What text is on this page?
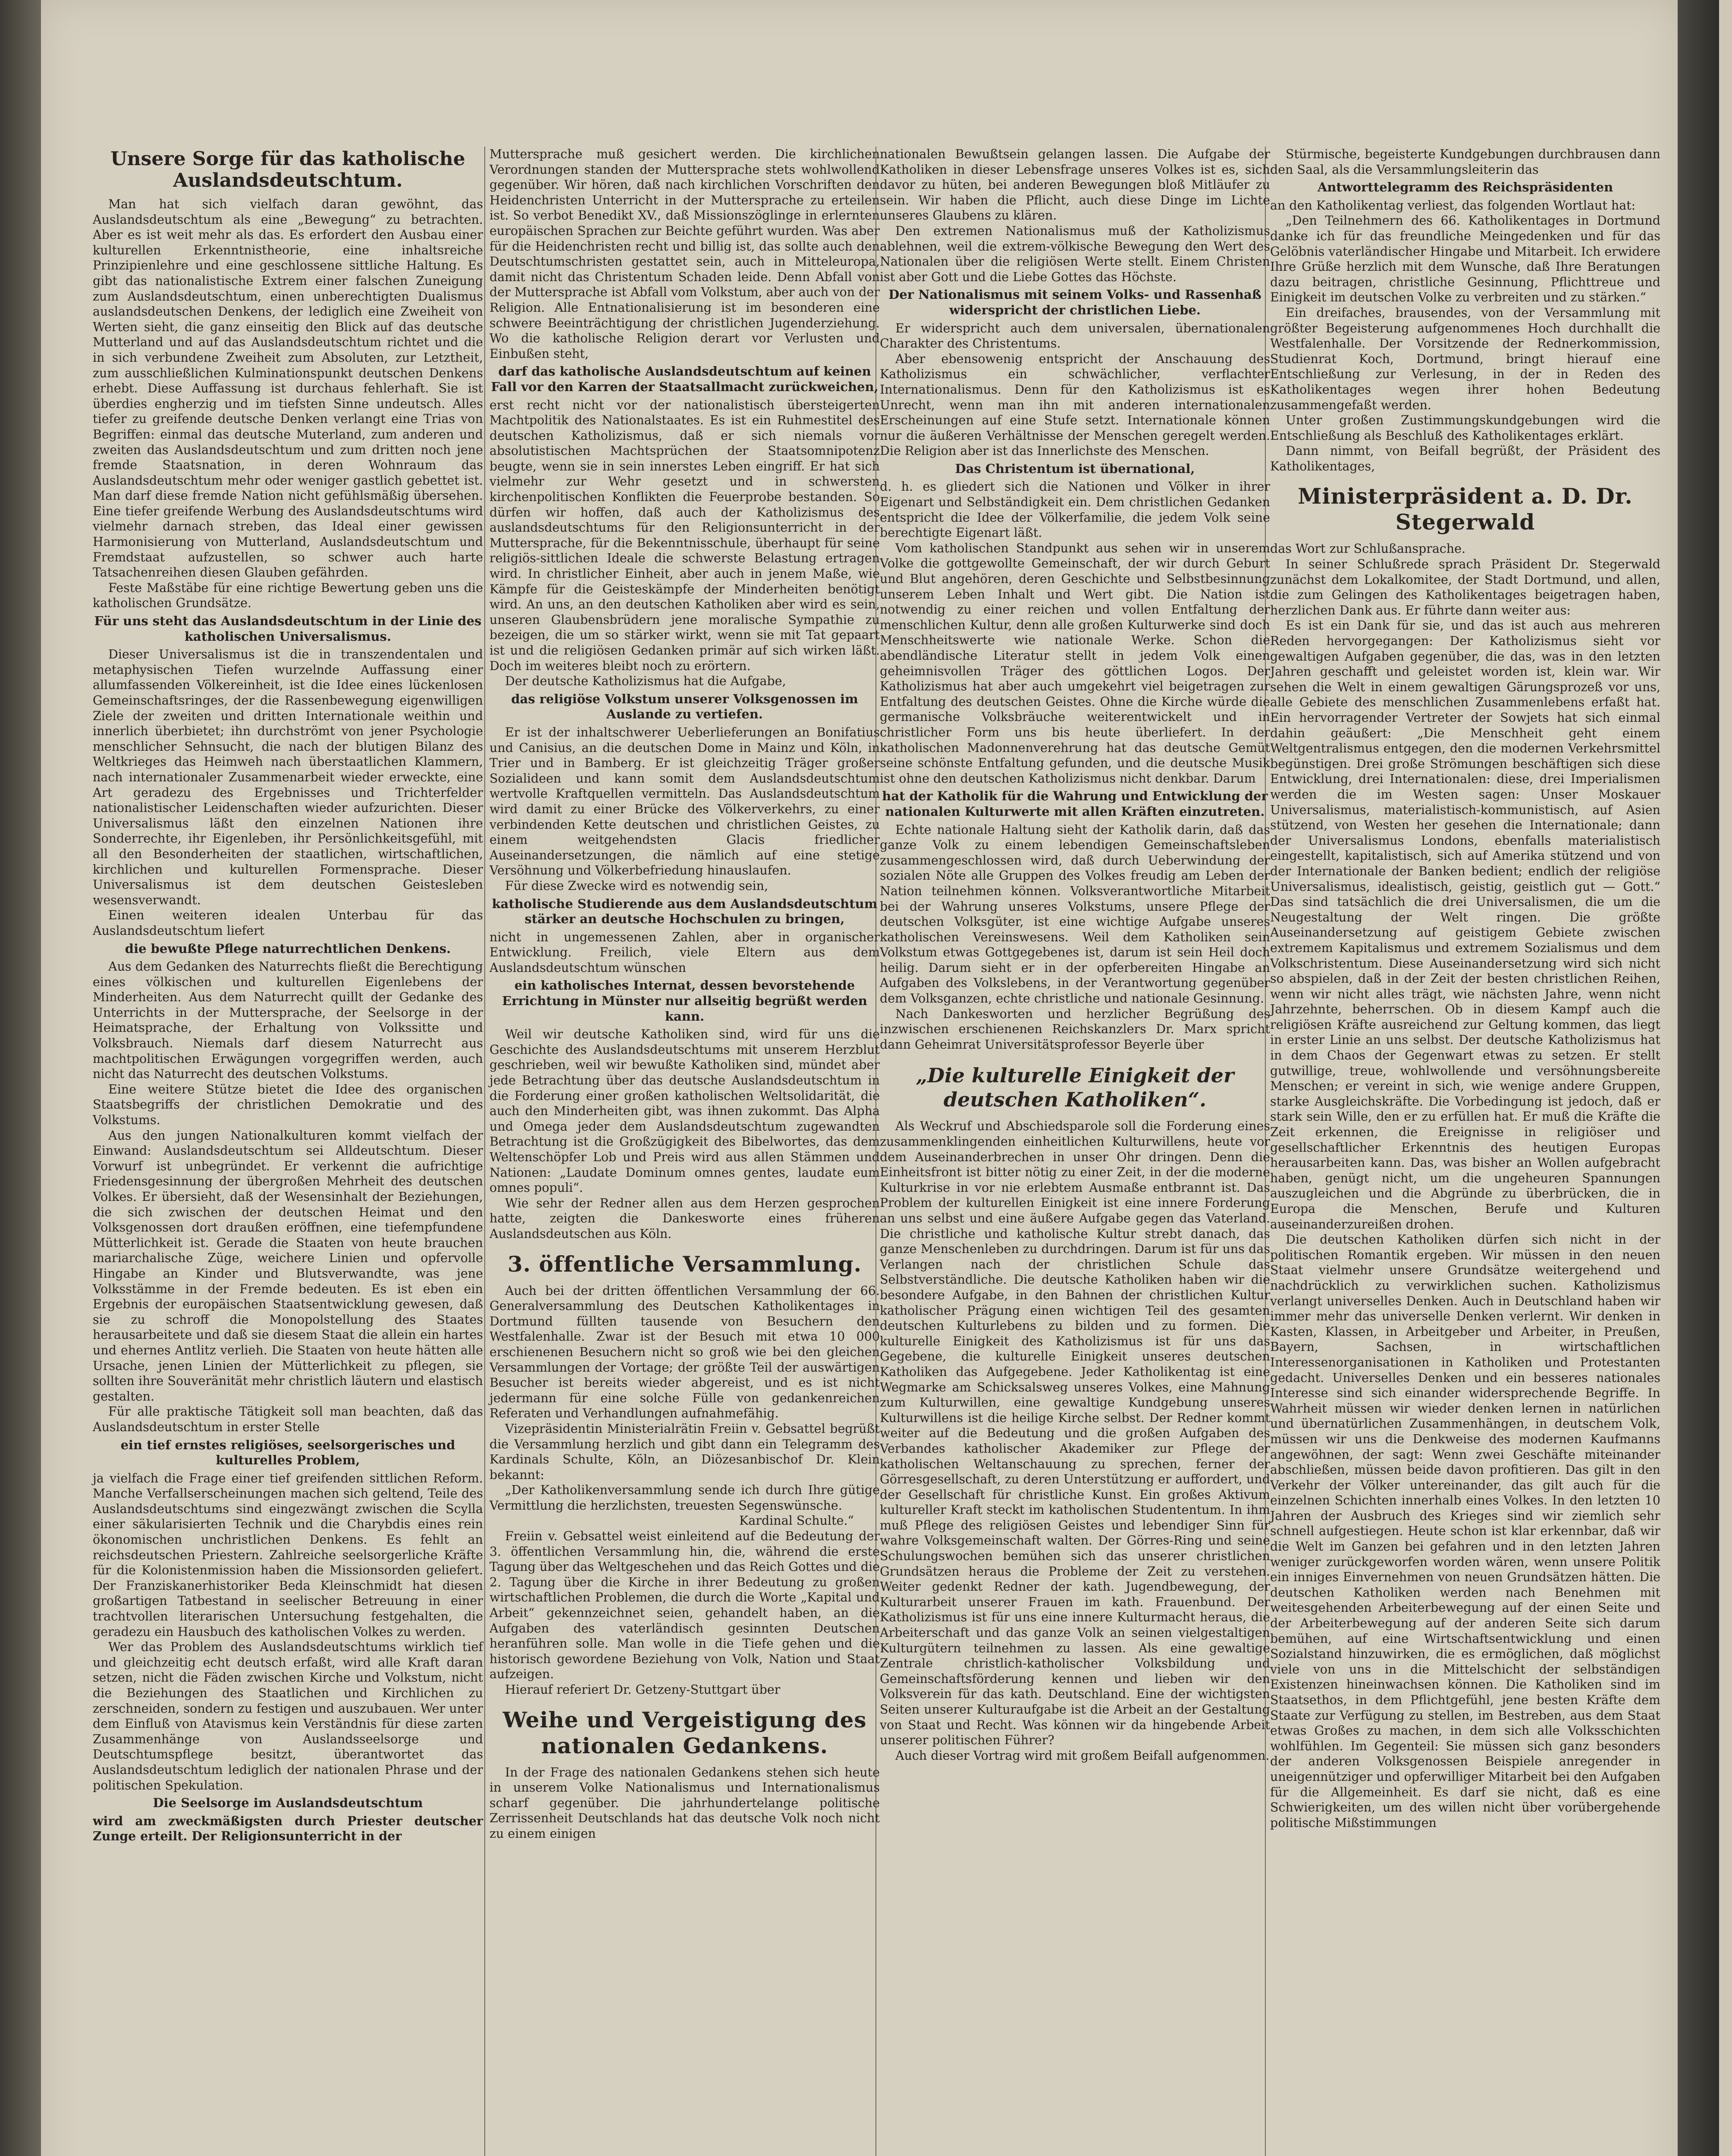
Unsere Sorge für das katholische Auslandsdeutschtum.

Man hat sich vielfach daran gewöhnt, das Auslandsdeutschtum als eine „Bewegung“ zu betrachten. Aber es ist weit mehr als das. Es erfordert den Ausbau einer kulturellen Erkenntnistheorie, eine inhaltsreiche Prinzipienlehre und eine geschlossene sittliche Haltung. Es gibt das nationalistische Extrem einer falschen Zuneigung zum Auslandsdeutschtum, einen unberechtigten Dualismus auslandsdeutschen Denkens, der lediglich eine Zweiheit von Werten sieht, die ganz einseitig den Blick auf das deutsche Mutterland und auf das Auslandsdeutschtum richtet und die in sich verbundene Zweiheit zum Absoluten, zur Letztheit, zum ausschließlichen Kulminationspunkt deutschen Denkens erhebt. Diese Auffassung ist durchaus fehlerhaft. Sie ist überdies engherzig und im tiefsten Sinne undeutsch. Alles tiefer zu greifende deutsche Denken verlangt eine Trias von Begriffen: einmal das deutsche Muterland, zum anderen und zweiten das Auslandsdeutschtum und zum dritten noch jene fremde Staatsnation, in deren Wohnraum das Auslandsdeutschtum mehr oder weniger gastlich gebettet ist. Man darf diese fremde Nation nicht gefühlsmäßig übersehen. Eine tiefer greifende Werbung des Auslandsdeutschtums wird vielmehr darnach streben, das Ideal einer gewissen Harmonisierung von Mutterland, Auslandsdeutschtum und Fremdstaat aufzustellen, so schwer auch harte Tatsachenreihen diesen Glauben gefährden.

Feste Maßstäbe für eine richtige Bewertung geben uns die katholischen Grundsätze.

Für uns steht das Auslandsdeutschtum in der Linie des katholischen Universalismus.

Dieser Universalismus ist die in transzendentalen und metaphysischen Tiefen wurzelnde Auffassung einer allumfassenden Völkereinheit, ist die Idee eines lückenlosen Gemeinschaftsringes, der die Rassenbewegung eigenwilligen Ziele der zweiten und dritten Internationale weithin und innerlich überbietet; ihn durchströmt von jener Psychologie menschlicher Sehnsucht, die nach der blutigen Bilanz des Weltkrieges das Heimweh nach überstaatlichen Klammern, nach internationaler Zusammenarbeit wieder erweckte, eine Art geradezu des Ergebnisses und Trichterfelder nationalistischer Leidenschaften wieder aufzurichten. Dieser Universalismus läßt den einzelnen Nationen ihre Sonderrechte, ihr Eigenleben, ihr Persönlichkeitsgefühl, mit all den Besonderheiten der staatlichen, wirtschaftlichen, kirchlichen und kulturellen Formensprache. Dieser Universalismus ist dem deutschen Geistesleben wesensverwandt.

Einen weiteren idealen Unterbau für das Auslandsdeutschtum liefert

die bewußte Pflege naturrechtlichen Denkens.

Aus dem Gedanken des Naturrechts fließt die Berechtigung eines völkischen und kulturellen Eigenlebens der Minderheiten. Aus dem Naturrecht quillt der Gedanke des Unterrichts in der Muttersprache, der Seelsorge in der Heimatsprache, der Erhaltung von Volkssitte und Volksbrauch. Niemals darf diesem Naturrecht aus machtpolitischen Erwägungen vorgegriffen werden, auch nicht das Naturrecht des deutschen Volkstums.

Eine weitere Stütze bietet die Idee des organischen Staatsbegriffs der christlichen Demokratie und des Volkstums.

Aus den jungen Nationalkulturen kommt vielfach der Einwand: Auslandsdeutschtum sei Alldeutschtum. Dieser Vorwurf ist unbegründet. Er verkennt die aufrichtige Friedensgesinnung der übergroßen Mehrheit des deutschen Volkes. Er übersieht, daß der Wesensinhalt der Beziehungen, die sich zwischen der deutschen Heimat und den Volksgenossen dort draußen eröffnen, eine tiefempfundene Mütterlichkeit ist. Gerade die Staaten von heute brauchen mariarchalische Züge, weichere Linien und opfervolle Hingabe an Kinder und Blutsverwandte, was jene Volksstämme in der Fremde bedeuten. Es ist eben ein Ergebnis der europäischen Staatsentwicklung gewesen, daß sie zu schroff die Monopolstellung des Staates herausarbeitete und daß sie diesem Staat die allein ein hartes und ehernes Antlitz verlieh. Die Staaten von heute hätten alle Ursache, jenen Linien der Mütterlichkeit zu pflegen, sie sollten ihre Souveränität mehr christlich läutern und elastisch gestalten.

Für alle praktische Tätigkeit soll man beachten, daß das Auslandsdeutschtum in erster Stelle

ein tief ernstes religiöses, seelsorgerisches und kulturelles Problem,

ja vielfach die Frage einer tief greifenden sittlichen Reform. Manche Verfallserscheinungen machen sich geltend, Teile des Auslandsdeutschtums sind eingezwängt zwischen die Scylla einer säkularisierten Technik und die Charybdis eines rein ökonomischen unchristlichen Denkens. Es fehlt an reichsdeutschen Priestern. Zahlreiche seelsorgerliche Kräfte für die Kolonistenmission haben die Missionsorden geliefert. Der Franziskanerhistoriker Beda Kleinschmidt hat diesen großartigen Tatbestand in seelischer Betreuung in einer trachtvollen literarischen Untersuchung festgehalten, die geradezu ein Hausbuch des katholischen Volkes zu werden.

Wer das Problem des Auslandsdeutschtums wirklich tief und gleichzeitig echt deutsch erfaßt, wird alle Kraft daran setzen, nicht die Fäden zwischen Kirche und Volkstum, nicht die Beziehungen des Staatlichen und Kirchlichen zu zerschneiden, sondern zu festigen und auszubauen. Wer unter dem Einfluß von Atavismus kein Verständnis für diese zarten Zusammenhänge von Auslandsseelsorge und Deutschtumspflege besitzt, überantwortet das Auslandsdeutschtum lediglich der nationalen Phrase und der politischen Spekulation.

Die Seelsorge im Auslandsdeutschtum

wird am zweckmäßigsten durch Priester deutscher Zunge erteilt. Der Religionsunterricht in der

Muttersprache muß gesichert werden. Die kirchlichen Verordnungen standen der Muttersprache stets wohlwollend gegenüber. Wir hören, daß nach kirchlichen Vorschriften den Heidenchristen Unterricht in der Muttersprache zu erteilen ist. So verbot Benedikt XV., daß Missionszöglinge in erlernten europäischen Sprachen zur Beichte geführt wurden. Was aber für die Heidenchristen recht und billig ist, das sollte auch den Deutschtumschristen gestattet sein, auch in Mitteleuropa, damit nicht das Christentum Schaden leide. Denn Abfall von der Muttersprache ist Abfall vom Volkstum, aber auch von der Religion. Alle Entnationalisierung ist im besonderen eine schwere Beeinträchtigung der christlichen Jugenderziehung. Wo die katholische Religion derart vor Verlusten und Einbußen steht,

darf das katholische Auslandsdeutschtum auf keinen Fall vor den Karren der Staatsallmacht zurückweichen,

erst recht nicht vor der nationalistisch übersteigerten Machtpolitik des Nationalstaates. Es ist ein Ruhmestitel des deutschen Katholizismus, daß er sich niemals vor absolutistischen Machtsprüchen der Staatsomnipotenz beugte, wenn sie in sein innerstes Leben eingriff. Er hat sich vielmehr zur Wehr gesetzt und in schwersten kirchenpolitischen Konflikten die Feuerprobe bestanden. So dürfen wir hoffen, daß auch der Katholizismus des auslandsdeutschtums für den Religionsunterricht in der Muttersprache, für die Bekenntnisschule, überhaupt für seine religiös-sittlichen Ideale die schwerste Belastung ertragen wird. In christlicher Einheit, aber auch in jenem Maße, wie Kämpfe für die Geisteskämpfe der Minderheiten benötigt wird. An uns, an den deutschen Katholiken aber wird es sein, unseren Glaubensbrüdern jene moralische Sympathie zu bezeigen, die um so stärker wirkt, wenn sie mit Tat gepaart ist und die religiösen Gedanken primär auf sich wirken läßt. Doch im weiteres bleibt noch zu erörtern.

Der deutsche Katholizismus hat die Aufgabe,

das religiöse Volkstum unserer Volksgenossen im Auslande zu vertiefen.

Er ist der inhaltschwerer Ueberlieferungen an Bonifatius und Canisius, an die deutschen Dome in Mainz und Köln, in Trier und in Bamberg. Er ist gleichzeitig Träger großer Sozialideen und kann somit dem Auslandsdeutschtum wertvolle Kraftquellen vermitteln. Das Auslandsdeutschtum wird damit zu einer Brücke des Völkerverkehrs, zu einer verbindenden Kette deutschen und christlichen Geistes, zu einem weitgehendsten Glacis friedlicher Auseinandersetzungen, die nämlich auf eine stetige Versöhnung und Völkerbefriedung hinauslaufen.

Für diese Zwecke wird es notwendig sein,

katholische Studierende aus dem Auslandsdeutschtum stärker an deutsche Hochschulen zu bringen,

nicht in ungemessenen Zahlen, aber in organischer Entwicklung. Freilich, viele Eltern aus dem Auslandsdeutschtum wünschen

ein katholisches Internat, dessen bevorstehende Errichtung in Münster nur allseitig begrüßt werden kann.

Weil wir deutsche Katholiken sind, wird für uns die Geschichte des Auslandsdeutschtums mit unserem Herzblut geschrieben, weil wir bewußte Katholiken sind, mündet aber jede Betrachtung über das deutsche Auslandsdeutschtum in die Forderung einer großen katholischen Weltsolidarität, die auch den Minderheiten gibt, was ihnen zukommt. Das Alpha und Omega jeder dem Auslandsdeutschtum zugewandten Betrachtung ist die Großzügigkeit des Bibelwortes, das dem Weltenschöpfer Lob und Preis wird aus allen Stämmen und Nationen: „Laudate Dominum omnes gentes, laudate eum omnes populi“.

Wie sehr der Redner allen aus dem Herzen gesprochen hatte, zeigten die Dankesworte eines früheren Auslandsdeutschen aus Köln.

3. öffentliche Versammlung.

Auch bei der dritten öffentlichen Versammlung der 66. Generalversammlung des Deutschen Katholikentages in Dortmund füllten tausende von Besuchern den Westfalenhalle. Zwar ist der Besuch mit etwa 10 000 erschienenen Besuchern nicht so groß wie bei den gleichen Versammlungen der Vortage; der größte Teil der auswärtigen Besucher ist bereits wieder abgereist, und es ist nicht jedermann für eine solche Fülle von gedankenreichen Referaten und Verhandlungen aufnahmefähig.

Vizepräsidentin Ministerialrätin Freiin v. Gebsattel begrüßt die Versammlung herzlich und gibt dann ein Telegramm des Kardinals Schulte, Köln, an Diözesanbischof Dr. Klein bekannt:

„Der Katholikenversammlung sende ich durch Ihre gütige Vermittlung die herzlichsten, treuesten Segenswünsche.

Kardinal Schulte.“

Freiin v. Gebsattel weist einleitend auf die Bedeutung der 3. öffentlichen Versammlung hin, die, während die erste Tagung über das Weltgeschehen und das Reich Gottes und die 2. Tagung über die Kirche in ihrer Bedeutung zu großen wirtschaftlichen Problemen, die durch die Worte „Kapital und Arbeit“ gekennzeichnet seien, gehandelt haben, an die Aufgaben des vaterländisch gesinnten Deutschen heranführen solle. Man wolle in die Tiefe gehen und die historisch gewordene Beziehung von Volk, Nation und Staat aufzeigen.

Hierauf referiert Dr. Getzeny-Stuttgart über

Weihe und Vergeistigung des nationalen Gedankens.

In der Frage des nationalen Gedankens stehen sich heute in unserem Volke Nationalismus und Internationalismus scharf gegenüber. Die jahrhundertelange politische Zerrissenheit Deutschlands hat das deutsche Volk noch nicht zu einem einigen

nationalen Bewußtsein gelangen lassen. Die Aufgabe der Katholiken in dieser Lebensfrage unseres Volkes ist es, sich davor zu hüten, bei anderen Bewegungen bloß Mitläufer zu sein. Wir haben die Pflicht, auch diese Dinge im Lichte unseres Glaubens zu klären.

Den extremen Nationalismus muß der Katholizismus ablehnen, weil die extrem-völkische Bewegung den Wert des Nationalen über die religiösen Werte stellt. Einem Christen ist aber Gott und die Liebe Gottes das Höchste.

Der Nationalismus mit seinem Volks- und Rassenhaß widerspricht der christlichen Liebe.

Er widerspricht auch dem universalen, übernationalen Charakter des Christentums.

Aber ebensowenig entspricht der Anschauung des Katholizismus ein schwächlicher, verflachter Internationalismus. Denn für den Katholizismus ist es Unrecht, wenn man ihn mit anderen internationalen Erscheinungen auf eine Stufe setzt. Internationale können nur die äußeren Verhältnisse der Menschen geregelt werden. Die Religion aber ist das Innerlichste des Menschen.

Das Christentum ist übernational,

d. h. es gliedert sich die Nationen und Völker in ihrer Eigenart und Selbständigkeit ein. Dem christlichen Gedanken entspricht die Idee der Völkerfamilie, die jedem Volk seine berechtigte Eigenart läßt.

Vom katholischen Standpunkt aus sehen wir in unserem Volke die gottgewollte Gemeinschaft, der wir durch Geburt und Blut angehören, deren Geschichte und Selbstbesinnung unserem Leben Inhalt und Wert gibt. Die Nation ist notwendig zu einer reichen und vollen Entfaltung der menschlichen Kultur, denn alle großen Kulturwerke sind doch Menschheitswerte wie nationale Werke. Schon die abendländische Literatur stellt in jedem Volk einen geheimnisvollen Träger des göttlichen Logos. Der Katholizismus hat aber auch umgekehrt viel beigetragen zur Entfaltung des deutschen Geistes. Ohne die Kirche würde die germanische Volksbräuche weiterentwickelt und in christlicher Form uns bis heute überliefert. In der katholischen Madonnenverehrung hat das deutsche Gemüt seine schönste Entfaltung gefunden, und die deutsche Musik ist ohne den deutschen Katholizismus nicht denkbar. Darum

hat der Katholik für die Wahrung und Entwicklung der nationalen Kulturwerte mit allen Kräften einzutreten.

Echte nationale Haltung sieht der Katholik darin, daß das ganze Volk zu einem lebendigen Gemeinschaftsleben zusammengeschlossen wird, daß durch Ueberwindung der sozialen Nöte alle Gruppen des Volkes freudig am Leben der Nation teilnehmen können. Volksverantwortliche Mitarbeit bei der Wahrung unseres Volkstums, unsere Pflege der deutschen Volksgüter, ist eine wichtige Aufgabe unseres katholischen Vereinswesens. Weil dem Katholiken sein Volkstum etwas Gottgegebenes ist, darum ist sein Heil doch heilig. Darum sieht er in der opferbereiten Hingabe an Aufgaben des Volkslebens, in der Verantwortung gegenüber dem Volksganzen, echte christliche und nationale Gesinnung.

Nach Dankesworten und herzlicher Begrüßung des inzwischen erschienenen Reichskanzlers Dr. Marx spricht dann Geheimrat Universitätsprofessor Beyerle über

„Die kulturelle Einigkeit der deutschen Katholiken“.

Als Weckruf und Abschiedsparole soll die Forderung eines zusammenklingenden einheitlichen Kulturwillens, heute vor dem Auseinanderbrechen in unser Ohr dringen. Denn die Einheitsfront ist bitter nötig zu einer Zeit, in der die moderne Kulturkrise in vor nie erlebtem Ausmaße entbrannt ist. Das Problem der kulturellen Einigkeit ist eine innere Forderung an uns selbst und eine äußere Aufgabe gegen das Vaterland. Die christliche und katholische Kultur strebt danach, das ganze Menschenleben zu durchdringen. Darum ist für uns das Verlangen nach der christlichen Schule das Selbstverständliche. Die deutsche Katholiken haben wir die besondere Aufgabe, in den Bahnen der christlichen Kultur katholischer Prägung einen wichtigen Teil des gesamten deutschen Kulturlebens zu bilden und zu formen. Die kulturelle Einigkeit des Katholizismus ist für uns das Gegebene, die kulturelle Einigkeit unseres deutschen Katholiken das Aufgegebene. Jeder Katholikentag ist eine Wegmarke am Schicksalsweg unseres Volkes, eine Mahnung zum Kulturwillen, eine gewaltige Kundgebung unseres Kulturwillens ist die heilige Kirche selbst. Der Redner kommt weiter auf die Bedeutung und die großen Aufgaben des Verbandes katholischer Akademiker zur Pflege der katholischen Weltanschauung zu sprechen, ferner der Görresgesellschaft, zu deren Unterstützung er auffordert, und der Gesellschaft für christliche Kunst. Ein großes Aktivum kultureller Kraft steckt im katholischen Studententum. In ihm muß Pflege des religiösen Geistes und lebendiger Sinn für wahre Volksgemeinschaft walten. Der Görres-Ring und seine Schulungswochen bemühen sich das unserer christlichen Grundsätzen heraus die Probleme der Zeit zu verstehen. Weiter gedenkt Redner der kath. Jugendbewegung, der Kulturarbeit unserer Frauen im kath. Frauenbund. Der Katholizismus ist für uns eine innere Kulturmacht heraus, die Arbeiterschaft und das ganze Volk an seinen vielgestaltigen Kulturgütern teilnehmen zu lassen. Als eine gewaltige Zentrale christlich-katholischer Volksbildung und Gemeinschaftsförderung kennen und lieben wir den Volksverein für das kath. Deutschland. Eine der wichtigsten Seiten unserer Kulturaufgabe ist die Arbeit an der Gestaltung von Staat und Recht. Was können wir da hingebende Arbeit unserer politischen Führer?

Auch dieser Vortrag wird mit großem Beifall aufgenommen.

Stürmische, begeisterte Kundgebungen durchbrausen dann den Saal, als die Versammlungsleiterin das

Antworttelegramm des Reichspräsidenten

an den Katholikentag verliest, das folgenden Wortlaut hat:

„Den Teilnehmern des 66. Katholikentages in Dortmund danke ich für das freundliche Meingedenken und für das Gelöbnis vaterländischer Hingabe und Mitarbeit. Ich erwidere Ihre Grüße herzlich mit dem Wunsche, daß Ihre Beratungen dazu beitragen, christliche Gesinnung, Pflichttreue und Einigkeit im deutschen Volke zu verbreiten und zu stärken.“

Ein dreifaches, brausendes, von der Versammlung mit größter Begeisterung aufgenommenes Hoch durchhallt die Westfalenhalle. Der Vorsitzende der Rednerkommission, Studienrat Koch, Dortmund, bringt hierauf eine Entschließung zur Verlesung, in der in Reden des Katholikentages wegen ihrer hohen Bedeutung zusammengefaßt werden.

Unter großen Zustimmungskundgebungen wird die Entschließung als Beschluß des Katholikentages erklärt.

Dann nimmt, von Beifall begrüßt, der Präsident des Katholikentages,

Ministerpräsident a. D. Dr. Stegerwald

das Wort zur Schlußansprache.

In seiner Schlußrede sprach Präsident Dr. Stegerwald zunächst dem Lokalkomitee, der Stadt Dortmund, und allen, die zum Gelingen des Katholikentages beigetragen haben, herzlichen Dank aus. Er führte dann weiter aus:

Es ist ein Dank für sie, und das ist auch aus mehreren Reden hervorgegangen: Der Katholizismus sieht vor gewaltigen Aufgaben gegenüber, die das, was in den letzten Jahren geschafft und geleistet worden ist, klein war. Wir sehen die Welt in einem gewaltigen Gärungsprozeß vor uns, alle Gebiete des menschlichen Zusammenlebens erfaßt hat. Ein hervorragender Vertreter der Sowjets hat sich einmal dahin geäußert: „Die Menschheit geht einem Weltgentralismus entgegen, den die modernen Verkehrsmittel begünstigen. Drei große Strömungen beschäftigen sich diese Entwicklung, drei Internationalen: diese, drei Imperialismen werden die im Westen sagen: Unser Moskauer Universalismus, materialistisch-kommunistisch, auf Asien stützend, von Westen her gesehen die Internationale; dann der Universalismus Londons, ebenfalls materialistisch eingestellt, kapitalistisch, sich auf Amerika stützend und von der Internationale der Banken bedient; endlich der religiöse Universalismus, idealistisch, geistig, geistlich gut — Gott.“ Das sind tatsächlich die drei Universalismen, die um die Neugestaltung der Welt ringen. Die größte Auseinandersetzung auf geistigem Gebiete zwischen extremem Kapitalismus und extremem Sozialismus und dem Volkschristentum. Diese Auseinandersetzung wird sich nicht so abspielen, daß in der Zeit der besten christlichen Reihen, wenn wir nicht alles trägt, wie nächsten Jahre, wenn nicht Jahrzehnte, beherrschen. Ob in diesem Kampf auch die religiösen Kräfte ausreichend zur Geltung kommen, das liegt in erster Linie an uns selbst. Der deutsche Katholizismus hat in dem Chaos der Gegenwart etwas zu setzen. Er stellt gutwillige, treue, wohlwollende und versöhnungsbereite Menschen; er vereint in sich, wie wenige andere Gruppen, starke Ausgleichskräfte. Die Vorbedingung ist jedoch, daß er stark sein Wille, den er zu erfüllen hat. Er muß die Kräfte die Zeit erkennen, die Ereignisse in religiöser und gesellschaftlicher Erkenntnis des heutigen Europas herausarbeiten kann. Das, was bisher an Wollen aufgebracht haben, genügt nicht, um die ungeheuren Spannungen auszugleichen und die Abgründe zu überbrücken, die in Europa die Menschen, Berufe und Kulturen auseinanderzureißen drohen.

Die deutschen Katholiken dürfen sich nicht in der politischen Romantik ergeben. Wir müssen in den neuen Staat vielmehr unsere Grundsätze weitergehend und nachdrücklich zu verwirklichen suchen. Katholizismus verlangt universelles Denken. Auch in Deutschland haben wir immer mehr das universelle Denken verlernt. Wir denken in Kasten, Klassen, in Arbeitgeber und Arbeiter, in Preußen, Bayern, Sachsen, in wirtschaftlichen Interessenorganisationen in Katholiken und Protestanten gedacht. Universelles Denken und ein besseres nationales Interesse sind sich einander widersprechende Begriffe. In Wahrheit müssen wir wieder denken lernen in natürlichen und übernatürlichen Zusammenhängen, in deutschem Volk, müssen wir uns die Denkweise des modernen Kaufmanns angewöhnen, der sagt: Wenn zwei Geschäfte miteinander abschließen, müssen beide davon profitieren. Das gilt in den Verkehr der Völker untereinander, das gilt auch für die einzelnen Schichten innerhalb eines Volkes. In den letzten 10 Jahren der Ausbruch des Krieges sind wir ziemlich sehr schnell aufgestiegen. Heute schon ist klar erkennbar, daß wir die Welt im Ganzen bei gefahren und in den letzten Jahren weniger zurückgeworfen worden wären, wenn unsere Politik ein inniges Einvernehmen von neuen Grundsätzen hätten. Die deutschen Katholiken werden nach Benehmen mit weitesgehenden Arbeiterbewegung auf der einen Seite und der Arbeiterbewegung auf der anderen Seite sich darum bemühen, auf eine Wirtschaftsentwicklung und einen Sozialstand hinzuwirken, die es ermöglichen, daß möglichst viele von uns in die Mittelschicht der selbständigen Existenzen hineinwachsen können. Die Katholiken sind im Staatsethos, in dem Pflichtgefühl, jene besten Kräfte dem Staate zur Verfügung zu stellen, im Bestreben, aus dem Staat etwas Großes zu machen, in dem sich alle Volksschichten wohlfühlen. Im Gegenteil: Sie müssen sich ganz besonders der anderen Volksgenossen Beispiele anregender in uneigennütziger und opferwilliger Mitarbeit bei den Aufgaben für die Allgemeinheit. Es darf sie nicht, daß es eine Schwierigkeiten, um des willen nicht über vorübergehende politische Mißstimmungen
